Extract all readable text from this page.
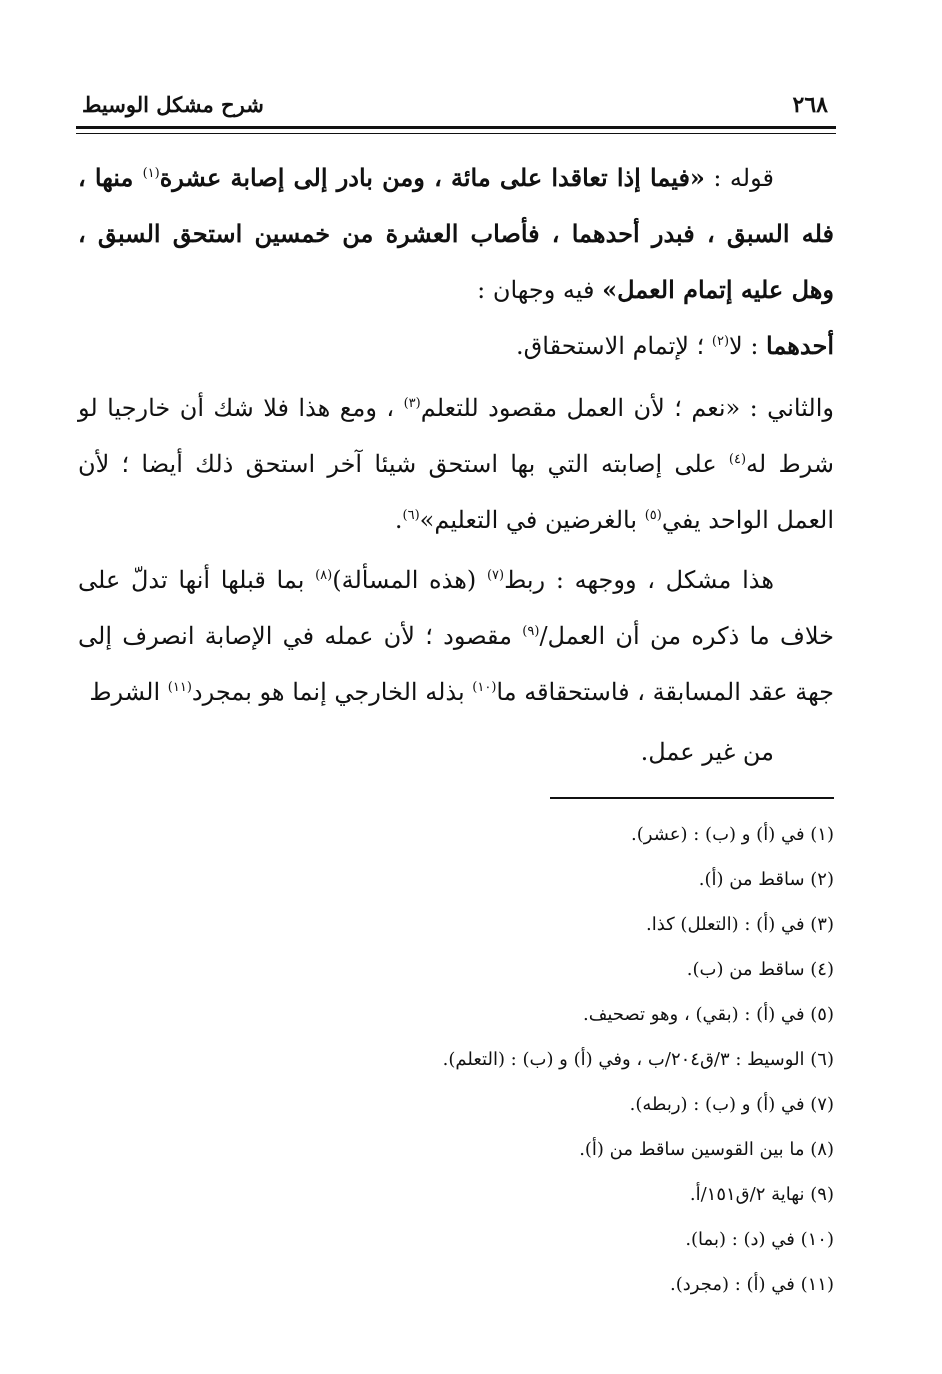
٢٦٨
شرح مشكل الوسيط

قوله : «فيما إذا تعاقدا على مائة ، ومن بادر إلى إصابة عشرة$^{(١)}$ منها ، فله السبق ، فبدر أحدهما ، فأصاب العشرة من خمسين استحق السبق ، وهل عليه إتمام العمل» فيه وجهان :

أحدهما : لا$^{(٢)}$ ؛ لإتمام الاستحقاق.

والثاني : «نعم ؛ لأن العمل مقصود للتعلم$^{(٣)}$ ، ومع هذا فلا شك أن خارجيا لو شرط له$^{(٤)}$ على إصابته التي بها استحق شيئا آخر استحق ذلك أيضا ؛ لأن العمل الواحد يفي$^{(٥)}$ بالغرضين في التعليم»$^{(٦)}$.

هذا مشكل ، ووجهه : ربط$^{(٧)}$ (هذه المسألة)$^{(٨)}$ بما قبلها أنها تدلّ على خلاف ما ذكره من أن العمل/$^{(٩)}$ مقصود ؛ لأن عمله في الإصابة انصرف إلى جهة عقد المسابقة ، فاستحقاقه ما$^{(١٠)}$ بذله الخارجي إنما هو بمجرد$^{(١١)}$ الشرط

من غير عمل.

(١) في (أ) و (ب) : (عشر).
(٢) ساقط من (أ).
(٣) في (أ) : (التعلل) كذا.
(٤) ساقط من (ب).
(٥) في (أ) : (بقي) ، وهو تصحيف.
(٦) الوسيط : ٣/ق٢٠٤/ب ، وفي (أ) و (ب) : (التعلم).
(٧) في (أ) و (ب) : (ربطه).
(٨) ما بين القوسين ساقط من (أ).
(٩) نهاية ٢/ق١٥١/أ.
(١٠) في (د) : (بما).
(١١) في (أ) : (مجرد).
